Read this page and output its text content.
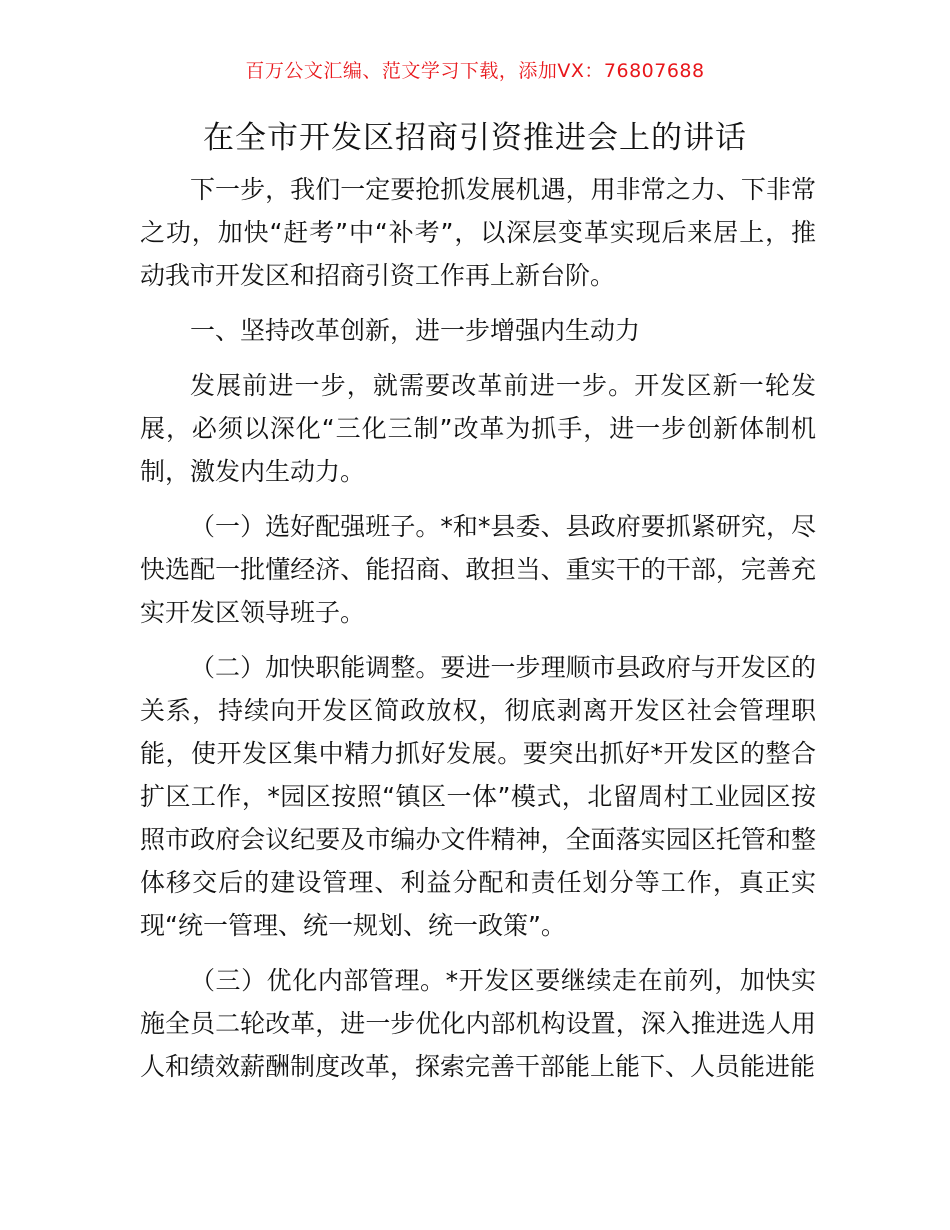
百万公文汇编、范文学习下载，添加VX：76807688
在全市开发区招商引资推进会上的讲话

下一步，我们一定要抢抓发展机遇，用非常之力、下非常之功，加快“赶考”中“补考”，以深层变革实现后来居上，推动我市开发区和招商引资工作再上新台阶。

一、坚持改革创新，进一步增强内生动力

发展前进一步，就需要改革前进一步。开发区新一轮发展，必须以深化“三化三制”改革为抓手，进一步创新体制机制，激发内生动力。

（一）选好配强班子。*和*县委、县政府要抓紧研究，尽快选配一批懂经济、能招商、敢担当、重实干的干部，完善充实开发区领导班子。

（二）加快职能调整。要进一步理顺市县政府与开发区的关系，持续向开发区简政放权，彻底剥离开发区社会管理职能，使开发区集中精力抓好发展。要突出抓好*开发区的整合扩区工作，*园区按照“镇区一体”模式，北留周村工业园区按照市政府会议纪要及市编办文件精神，全面落实园区托管和整体移交后的建设管理、利益分配和责任划分等工作，真正实现“统一管理、统一规划、统一政策”。

（三）优化内部管理。*开发区要继续走在前列，加快实施全员二轮改革，进一步优化内部机构设置，深入推进选人用人和绩效薪酬制度改革，探索完善干部能上能下、人员能进能
